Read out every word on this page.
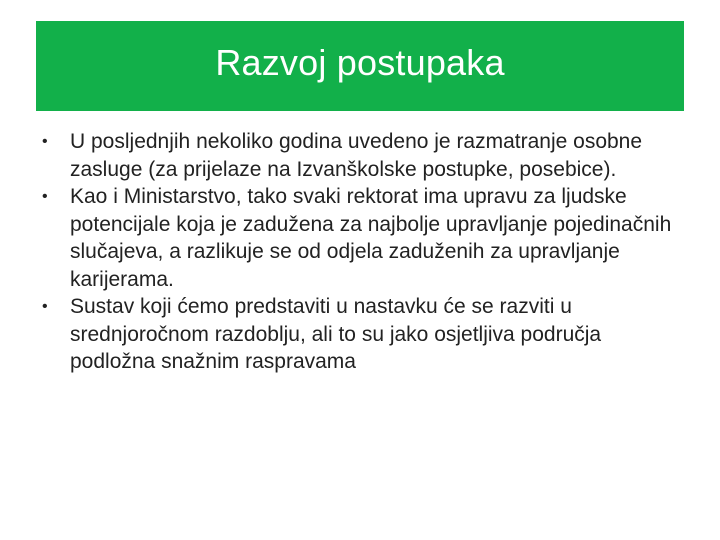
Razvoj postupaka
• U posljednjih nekoliko godina uvedeno je razmatranje osobne zasluge (za prijelaze na Izvanškolske postupke, posebice).
• Kao i Ministarstvo, tako svaki rektorat ima upravu za ljudske potencijale koja je zadužena za najbolje upravljanje pojedinačnih slučajeva, a razlikuje se od odjela zaduženih za upravljanje karijerama.
• Sustav koji ćemo predstaviti u nastavku će se razviti u srednjoročnom razdoblju, ali to su jako osjetljiva područja podložna snažnim raspravama
